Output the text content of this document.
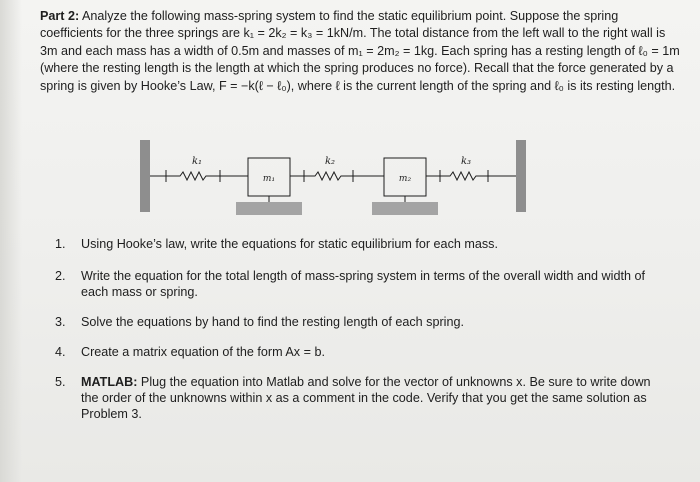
Part 2: Analyze the following mass-spring system to find the static equilibrium point. Suppose the spring coefficients for the three springs are k₁ = 2k₂ = k₃ = 1kN/m. The total distance from the left wall to the right wall is 3m and each mass has a width of 0.5m and masses of m₁ = 2m₂ = 1kg. Each spring has a resting length of ℓ₀ = 1m (where the resting length is the length at which the spring produces no force). Recall that the force generated by a spring is given by Hooke’s Law, F = −k(ℓ − ℓ₀), where ℓ is the current length of the spring and ℓ₀ is its resting length.
k₁	k₂	k₃
m₁	m₂
1. Using Hooke’s law, write the equations for static equilibrium for each mass.
2. Write the equation for the total length of mass-spring system in terms of the overall width and width of each mass or spring.
3. Solve the equations by hand to find the resting length of each spring.
4. Create a matrix equation of the form Ax = b.
5. MATLAB: Plug the equation into Matlab and solve for the vector of unknowns x. Be sure to write down the order of the unknowns within x as a comment in the code. Verify that you get the same solution as Problem 3.
